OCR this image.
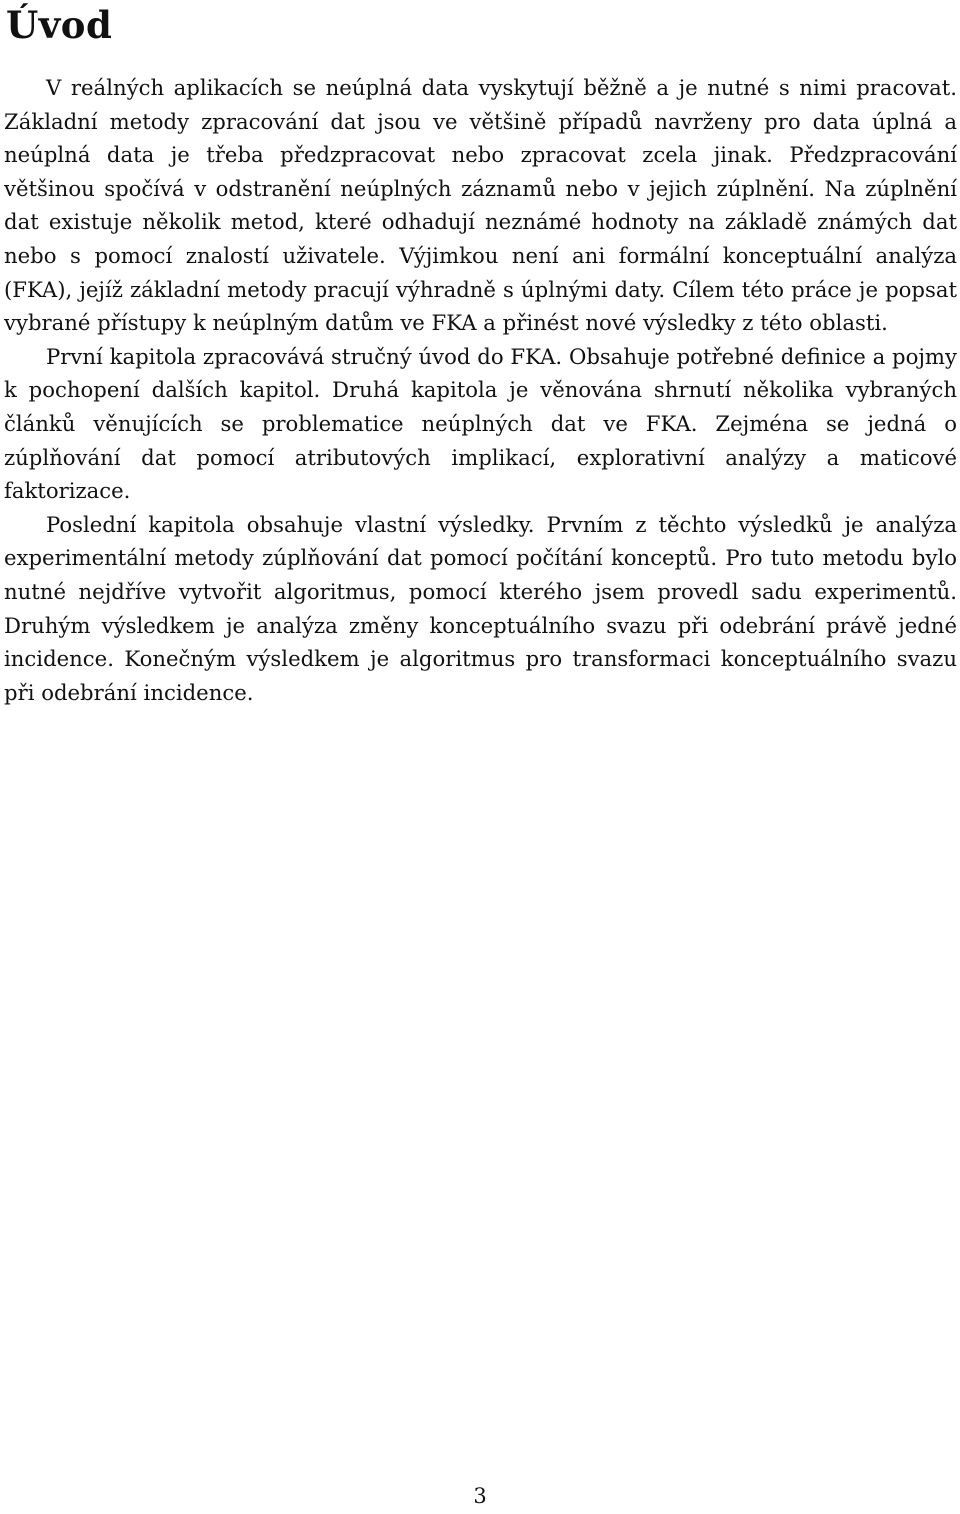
Úvod

V reálných aplikacích se neúplná data vyskytují běžně a je nutné s nimi pracovat. Základní metody zpracování dat jsou ve většině případů navrženy pro data úplná a neúplná data je třeba předzpracovat nebo zpracovat zcela jinak. Předzpracování většinou spočívá v odstranění neúplných záznamů nebo v jejich zúplnění. Na zúplnění dat existuje několik metod, které odhadují neznámé hodnoty na základě známých dat nebo s pomocí znalostí uživatele. Výjimkou není ani formální konceptuální analýza (FKA), jejíž základní metody pracují výhradně s úplnými daty. Cílem této práce je popsat vybrané přístupy k neúplným datům ve FKA a přinést nové výsledky z této oblasti.

První kapitola zpracovává stručný úvod do FKA. Obsahuje potřebné definice a pojmy k pochopení dalších kapitol. Druhá kapitola je věnována shrnutí několika vybraných článků věnujících se problematice neúplných dat ve FKA. Zejména se jedná o zúplňování dat pomocí atributových implikací, explorativní analýzy a maticové faktorizace.

Poslední kapitola obsahuje vlastní výsledky. Prvním z těchto výsledků je analýza experimentální metody zúplňování dat pomocí počítání konceptů. Pro tuto metodu bylo nutné nejdříve vytvořit algoritmus, pomocí kterého jsem provedl sadu experimentů. Druhým výsledkem je analýza změny konceptuálního svazu při odebrání právě jedné incidence. Konečným výsledkem je algoritmus pro transformaci konceptuálního svazu při odebrání incidence.

3
